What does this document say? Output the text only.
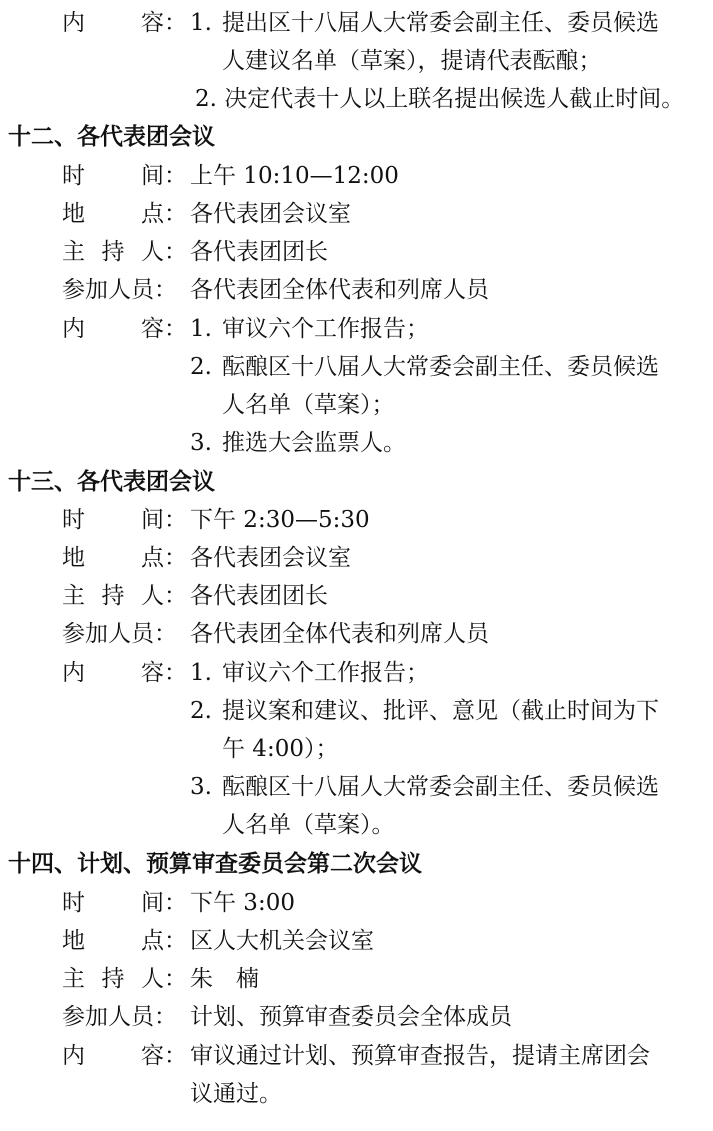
内 容： 1. 提出区十八届人大常委会副主任、委员候选
人建议名单（草案），提请代表酝酿；
2. 决定代表十人以上联名提出候选人截止时间。
十二、各代表团会议
时 间： 上午 10:10—12:00
地 点： 各代表团会议室
主 持 人： 各代表团团长
参加人员： 各代表团全体代表和列席人员
内 容： 1. 审议六个工作报告；
2. 酝酿区十八届人大常委会副主任、委员候选
人名单（草案）；
3. 推选大会监票人。
十三、各代表团会议
时 间： 下午 2:30—5:30
地 点： 各代表团会议室
主 持 人： 各代表团团长
参加人员： 各代表团全体代表和列席人员
内 容： 1. 审议六个工作报告；
2. 提议案和建议、批评、意见（截止时间为下
午 4:00）；
3. 酝酿区十八届人大常委会副主任、委员候选
人名单（草案）。
十四、计划、预算审查委员会第二次会议
时 间： 下午 3:00
地 点： 区人大机关会议室
主 持 人： 朱　楠
参加人员： 计划、预算审查委员会全体成员
内 容： 审议通过计划、预算审查报告，提请主席团会
议通过。
